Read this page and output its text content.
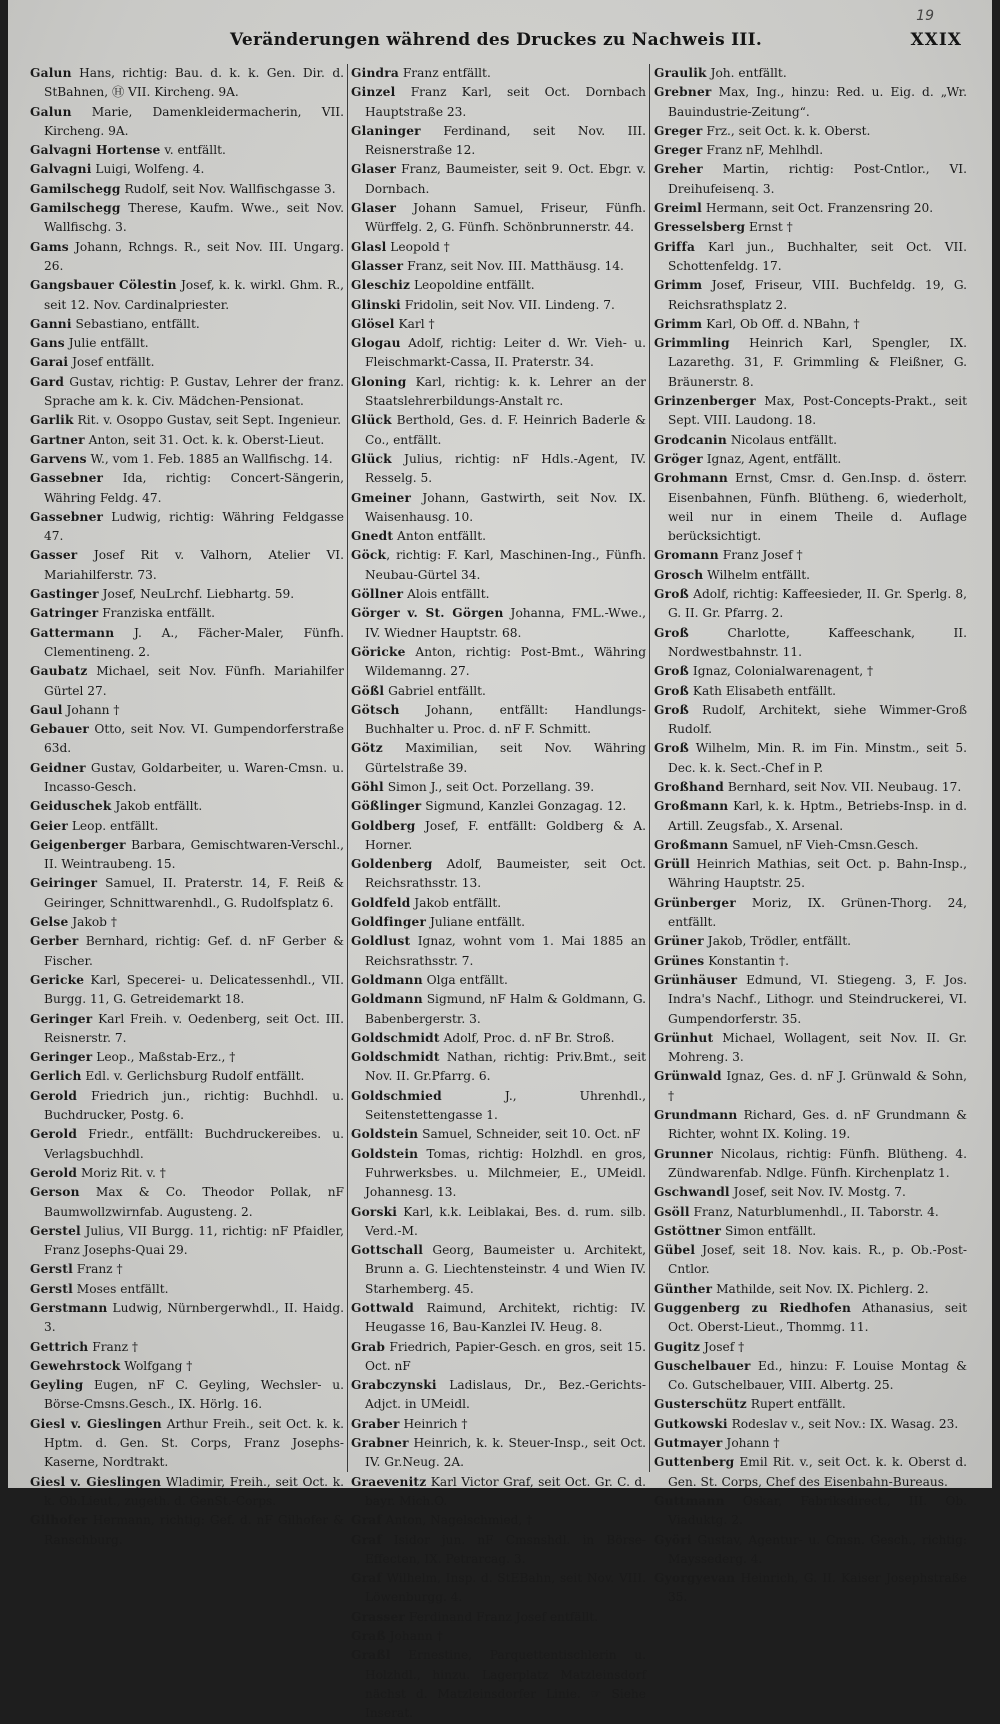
Veränderungen während des Druckes zu Nachweis III.
19
XXIX

Galun Hans, richtig: Bau. d. k. k. Gen. Dir. d. StBahnen, Ⓗ VII. Kircheng. 9A.

Galun Marie, Damenkleidermacherin, VII. Kircheng. 9A.

Galvagni Hortense v. entfällt.

Galvagni Luigi, Wolfeng. 4.

Gamilschegg Rudolf, seit Nov. Wallfischgasse 3.

Gamilschegg Therese, Kaufm. Wwe., seit Nov. Wallfischg. 3.

Gams Johann, Rchngs. R., seit Nov. III. Ungarg. 26.

Gangsbauer Cölestin Josef, k. k. wirkl. Ghm. R., seit 12. Nov. Cardinalpriester.

Ganni Sebastiano, entfällt.

Gans Julie entfällt.

Garai Josef entfällt.

Gard Gustav, richtig: P. Gustav, Lehrer der franz. Sprache am k. k. Civ. Mädchen-Pensionat.

Garlik Rit. v. Osoppo Gustav, seit Sept. Ingenieur.

Gartner Anton, seit 31. Oct. k. k. Oberst-Lieut.

Garvens W., vom 1. Feb. 1885 an Wallfischg. 14.

Gassebner Ida, richtig: Concert-Sängerin, Währing Feldg. 47.

Gassebner Ludwig, richtig: Währing Feldgasse 47.

Gasser Josef Rit v. Valhorn, Atelier VI. Mariahilferstr. 73.

Gastinger Josef, NeuLrchf. Liebhartg. 59.

Gatringer Franziska entfällt.

Gattermann J. A., Fächer-Maler, Fünfh. Clementineng. 2.

Gaubatz Michael, seit Nov. Fünfh. Mariahilfer Gürtel 27.

Gaul Johann †

Gebauer Otto, seit Nov. VI. Gumpendorferstraße 63d.

Geidner Gustav, Goldarbeiter, u. Waren-Cmsn. u. Incasso-Gesch.

Geiduschek Jakob entfällt.

Geier Leop. entfällt.

Geigenberger Barbara, Gemischtwaren-Verschl., II. Weintraubeng. 15.

Geiringer Samuel, II. Praterstr. 14, F. Reiß & Geiringer, Schnittwarenhdl., G. Rudolfsplatz 6.

Gelse Jakob †

Gerber Bernhard, richtig: Gef. d. nF Gerber & Fischer.

Gericke Karl, Specerei- u. Delicatessenhdl., VII. Burgg. 11, G. Getreidemarkt 18.

Geringer Karl Freih. v. Oedenberg, seit Oct. III. Reisnerstr. 7.

Geringer Leop., Maßstab-Erz., †

Gerlich Edl. v. Gerlichsburg Rudolf entfällt.

Gerold Friedrich jun., richtig: Buchhdl. u. Buchdrucker, Postg. 6.

Gerold Friedr., entfällt: Buchdruckereibes. u. Verlagsbuchhdl.

Gerold Moriz Rit. v. †

Gerson Max & Co. Theodor Pollak, nF Baumwollzwirnfab. Augusteng. 2.

Gerstel Julius, VII Burgg. 11, richtig: nF Pfaidler, Franz Josephs-Quai 29.

Gerstl Franz †

Gerstl Moses entfällt.

Gerstmann Ludwig, Nürnbergerwhdl., II. Haidg. 3.

Gettrich Franz †

Gewehrstock Wolfgang †

Geyling Eugen, nF C. Geyling, Wechsler- u. Börse-Cmsns.Gesch., IX. Hörlg. 16.

Giesl v. Gieslingen Arthur Freih., seit Oct. k. k. Hptm. d. Gen. St. Corps, Franz Josephs-Kaserne, Nordtrakt.

Giesl v. Gieslingen Wladimir, Freih., seit Oct. k. k. Ob.Lieut., zugeth. d. GenSt.-Corps.

Gilhofer Hermann, richtig: Gef. d. nF Gilhofer & Ranschburg.

Gindra Franz entfällt.

Ginzel Franz Karl, seit Oct. Dornbach Hauptstraße 23.

Glaninger Ferdinand, seit Nov. III. Reisnerstraße 12.

Glaser Franz, Baumeister, seit 9. Oct. Ebgr. v. Dornbach.

Glaser Johann Samuel, Friseur, Fünfh. Würffelg. 2, G. Fünfh. Schönbrunnerstr. 44.

Glasl Leopold †

Glasser Franz, seit Nov. III. Matthäusg. 14.

Gleschiz Leopoldine entfällt.

Glinski Fridolin, seit Nov. VII. Lindeng. 7.

Glösel Karl †

Glogau Adolf, richtig: Leiter d. Wr. Vieh- u. Fleischmarkt-Cassa, II. Praterstr. 34.

Gloning Karl, richtig: k. k. Lehrer an der Staatslehrerbildungs-Anstalt rc.

Glück Berthold, Ges. d. F. Heinrich Baderle & Co., entfällt.

Glück Julius, richtig: nF Hdls.-Agent, IV. Resselg. 5.

Gmeiner Johann, Gastwirth, seit Nov. IX. Waisenhausg. 10.

Gnedt Anton entfällt.

Göck, richtig: F. Karl, Maschinen-Ing., Fünfh. Neubau-Gürtel 34.

Göllner Alois entfällt.

Görger v. St. Görgen Johanna, FML.-Wwe., IV. Wiedner Hauptstr. 68.

Göricke Anton, richtig: Post-Bmt., Währing Wildemanng. 27.

Gößl Gabriel entfällt.

Götsch Johann, entfällt: Handlungs-Buchhalter u. Proc. d. nF F. Schmitt.

Götz Maximilian, seit Nov. Währing Gürtelstraße 39.

Göhl Simon J., seit Oct. Porzellang. 39.

Gößlinger Sigmund, Kanzlei Gonzagag. 12.

Goldberg Josef, F. entfällt: Goldberg & A. Horner.

Goldenberg Adolf, Baumeister, seit Oct. Reichsrathsstr. 13.

Goldfeld Jakob entfällt.

Goldfinger Juliane entfällt.

Goldlust Ignaz, wohnt vom 1. Mai 1885 an Reichsrathsstr. 7.

Goldmann Olga entfällt.

Goldmann Sigmund, nF Halm & Goldmann, G. Babenbergerstr. 3.

Goldschmidt Adolf, Proc. d. nF Br. Stroß.

Goldschmidt Nathan, richtig: Priv.Bmt., seit Nov. II. Gr.Pfarrg. 6.

Goldschmied J., Uhrenhdl., Seitenstettengasse 1.

Goldstein Samuel, Schneider, seit 10. Oct. nF

Goldstein Tomas, richtig: Holzhdl. en gros, Fuhrwerksbes. u. Milchmeier, E., UMeidl. Johannesg. 13.

Gorski Karl, k.k. Leiblakai, Bes. d. rum. silb. Verd.-M.

Gottschall Georg, Baumeister u. Architekt, Brunn a. G. Liechtensteinstr. 4 und Wien IV. Starhemberg. 45.

Gottwald Raimund, Architekt, richtig: IV. Heugasse 16, Bau-Kanzlei IV. Heug. 8.

Grab Friedrich, Papier-Gesch. en gros, seit 15. Oct. nF

Grabczynski Ladislaus, Dr., Bez.-Gerichts-Adjct. in UMeidl.

Graber Heinrich †

Grabner Heinrich, k. k. Steuer-Insp., seit Oct. IV. Gr.Neug. 2A.

Graevenitz Karl Victor Graf, seit Oct. Gr. C. d. bayr. Mich.O.

Graf Anton, Nagelschmied, †

Graf Isidor jun. nF Cmsnshdl. in Börse-Effecten, IX. Petrarcag. 3.

Graf Wilhelm, Insp. d. StEBahn, seit Nov. VIII. Löwenburgg. 4.

Grasser Ferdinand Franz Josef entfällt.

Graß Johann †

Graßl Ernestine, Parquettentischlerin u. Holzhdl., hinzu. Lagerplatz Matzleinsdorf nächst d. Matzleinsdorfer Linie. ☞ Siehe Inserat.

Graulik Joh. entfällt.

Grebner Max, Ing., hinzu: Red. u. Eig. d. „Wr. Bauindustrie-Zeitung“.

Greger Frz., seit Oct. k. k. Oberst.

Greger Franz nF, Mehlhdl.

Greher Martin, richtig: Post-Cntlor., VI. Dreihufeisenq. 3.

Greiml Hermann, seit Oct. Franzensring 20.

Gresselsberg Ernst †

Griffa Karl jun., Buchhalter, seit Oct. VII. Schottenfeldg. 17.

Grimm Josef, Friseur, VIII. Buchfeldg. 19, G. Reichsrathsplatz 2.

Grimm Karl, Ob Off. d. NBahn, †

Grimmling Heinrich Karl, Spengler, IX. Lazarethg. 31, F. Grimmling & Fleißner, G. Bräunerstr. 8.

Grinzenberger Max, Post-Concepts-Prakt., seit Sept. VIII. Laudong. 18.

Grodcanin Nicolaus entfällt.

Gröger Ignaz, Agent, entfällt.

Grohmann Ernst, Cmsr. d. Gen.Insp. d. österr. Eisenbahnen, Fünfh. Blütheng. 6, wiederholt, weil nur in einem Theile d. Auflage berücksichtigt.

Gromann Franz Josef †

Grosch Wilhelm entfällt.

Groß Adolf, richtig: Kaffeesieder, II. Gr. Sperlg. 8, G. II. Gr. Pfarrg. 2.

Groß Charlotte, Kaffeeschank, II. Nordwestbahnstr. 11.

Groß Ignaz, Colonialwarenagent, †

Groß Kath Elisabeth entfällt.

Groß Rudolf, Architekt, siehe Wimmer-Groß Rudolf.

Groß Wilhelm, Min. R. im Fin. Minstm., seit 5. Dec. k. k. Sect.-Chef in P.

Großhand Bernhard, seit Nov. VII. Neubaug. 17.

Großmann Karl, k. k. Hptm., Betriebs-Insp. in d. Artill. Zeugsfab., X. Arsenal.

Großmann Samuel, nF Vieh-Cmsn.Gesch.

Grüll Heinrich Mathias, seit Oct. p. Bahn-Insp., Währing Hauptstr. 25.

Grünberger Moriz, IX. Grünen-Thorg. 24, entfällt.

Grüner Jakob, Trödler, entfällt.

Grünes Konstantin †.

Grünhäuser Edmund, VI. Stiegeng. 3, F. Jos. Indra's Nachf., Lithogr. und Steindruckerei, VI. Gumpendorferstr. 35.

Grünhut Michael, Wollagent, seit Nov. II. Gr. Mohreng. 3.

Grünwald Ignaz, Ges. d. nF J. Grünwald & Sohn, †

Grundmann Richard, Ges. d. nF Grundmann & Richter, wohnt IX. Koling. 19.

Grunner Nicolaus, richtig: Fünfh. Blütheng. 4. Zündwarenfab. Ndlge. Fünfh. Kirchenplatz 1.

Gschwandl Josef, seit Nov. IV. Mostg. 7.

Gsöll Franz, Naturblumenhdl., II. Taborstr. 4.

Gstöttner Simon entfällt.

Gübel Josef, seit 18. Nov. kais. R., p. Ob.-Post-Cntlor.

Günther Mathilde, seit Nov. IX. Pichlerg. 2.

Guggenberg zu Riedhofen Athanasius, seit Oct. Oberst-Lieut., Thommg. 11.

Gugitz Josef †

Guschelbauer Ed., hinzu: F. Louise Montag & Co. Gutschelbauer, VIII. Albertg. 25.

Gusterschütz Rupert entfällt.

Gutkowski Rodeslav v., seit Nov.: IX. Wasag. 23.

Gutmayer Johann †

Guttenberg Emil Rit. v., seit Oct. k. k. Oberst d. Gen. St. Corps, Chef des Eisenbahn-Bureaus.

Guttmann Oskar, Fabriksdirect., III. Ob. Viaduktg. 2.

Györi Gustav, Agentur- u. Cmsn. Gesch., richtig: Mayssederg. 4.

Gyorgyevan Heinrich, G. II. Kaiser Josephstraße 35.
